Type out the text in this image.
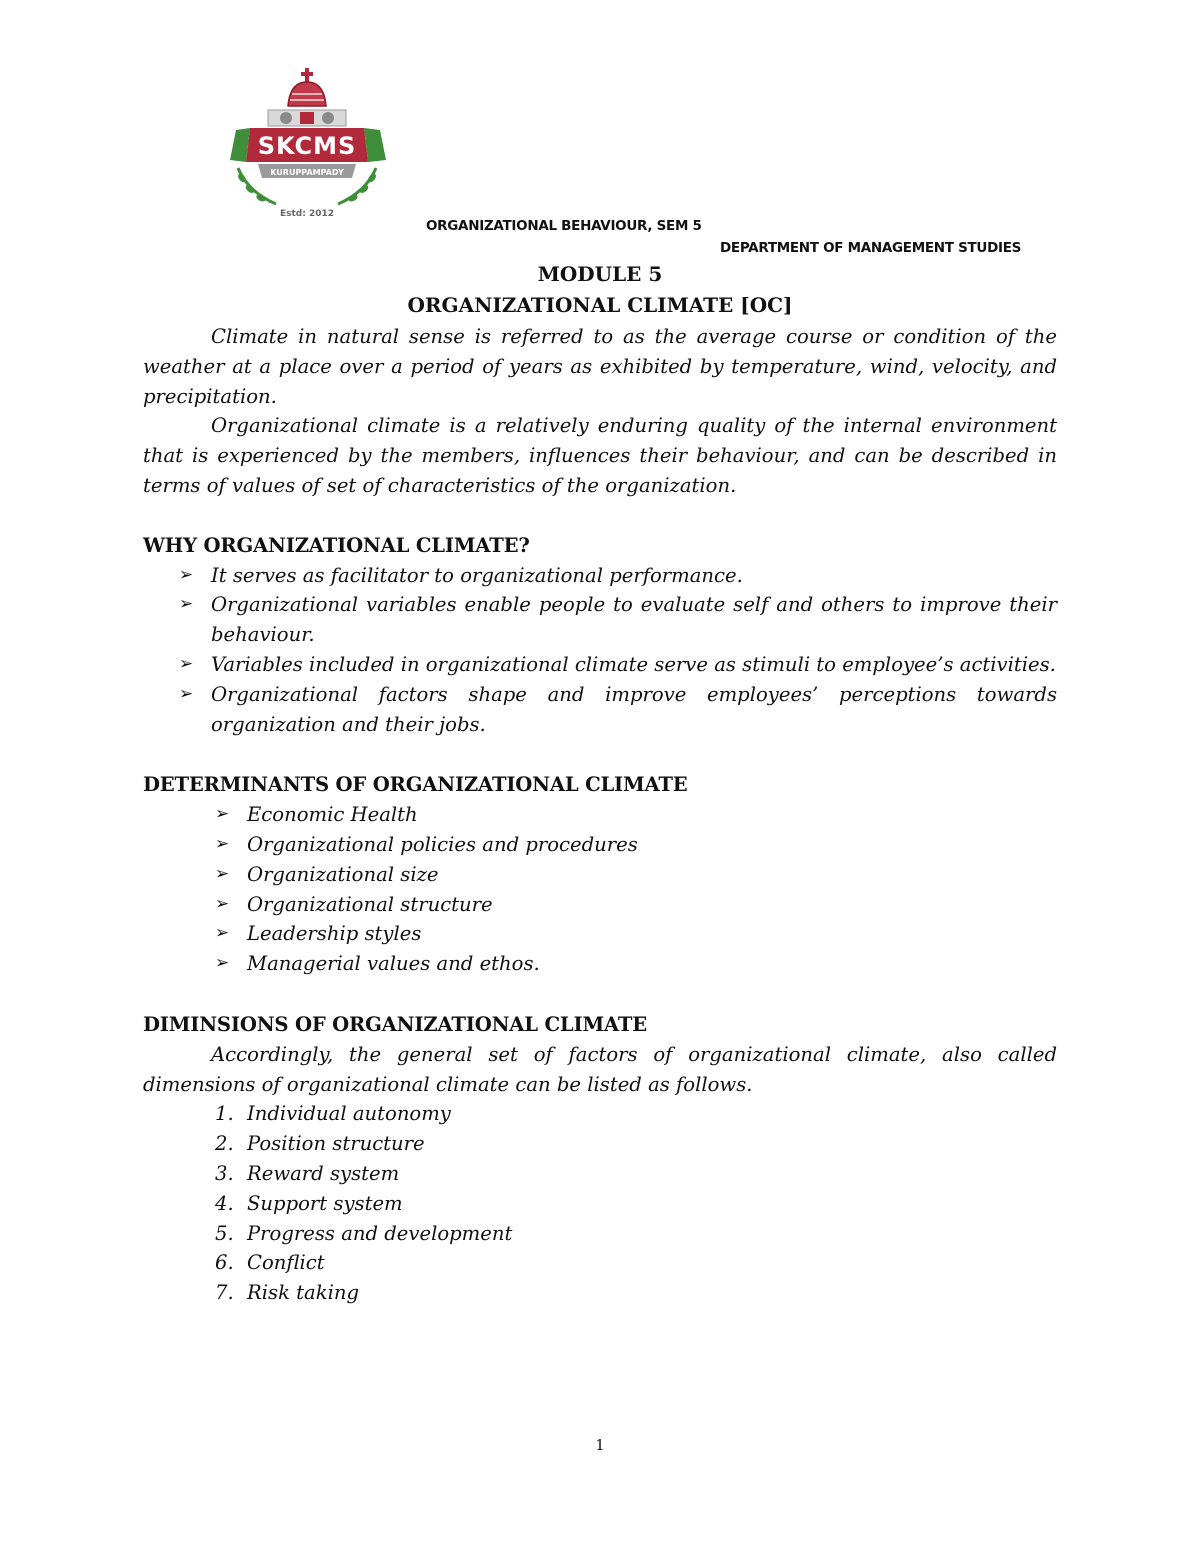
SKCMS
KURUPPAMPADY
Estd: 2012
ORGANIZATIONAL BEHAVIOUR, SEM 5
DEPARTMENT OF MANAGEMENT STUDIES
MODULE 5
ORGANIZATIONAL CLIMATE [OC]

Climate in natural sense is referred to as the average course or condition of the weather at a place over a period of years as exhibited by temperature, wind, velocity, and precipitation.

Organizational climate is a relatively enduring quality of the internal environment that is experienced by the members, influences their behaviour, and can be described in terms of values of set of characteristics of the organization.

WHY ORGANIZATIONAL CLIMATE?
➢ It serves as facilitator to organizational performance.
➢ Organizational variables enable people to evaluate self and others to improve their behaviour.
➢ Variables included in organizational climate serve as stimuli to employee’s activities.
➢ Organizational factors shape and improve employees’ perceptions towards organization and their jobs.
DETERMINANTS OF ORGANIZATIONAL CLIMATE
➢ Economic Health
➢ Organizational policies and procedures
➢ Organizational size
➢ Organizational structure
➢ Leadership styles
➢ Managerial values and ethos.
DIMINSIONS OF ORGANIZATIONAL CLIMATE

Accordingly, the general set of factors of organizational climate, also called dimensions of organizational climate can be listed as follows.

1. Individual autonomy
2. Position structure
3. Reward system
4. Support system
5. Progress and development
6. Conflict
7. Risk taking
1
